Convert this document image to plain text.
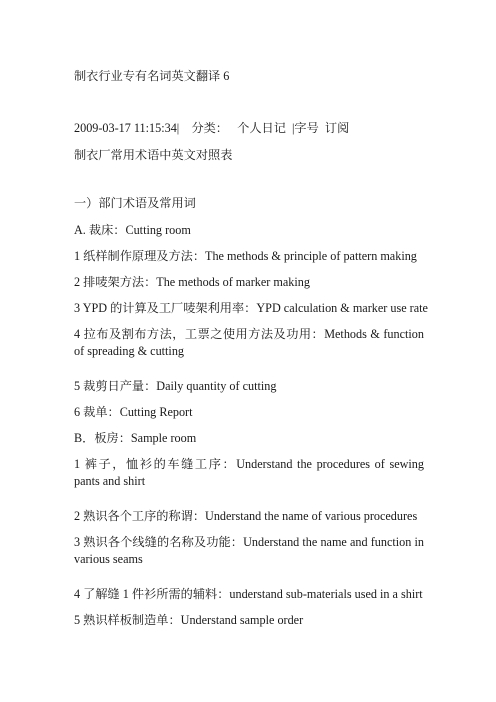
制衣行业专有名词英文翻译 6
2009-03-17 11:15:34| 分类： 个人日记 |字号 订阅
制衣厂常用术语中英文对照表
一）部门术语及常用词
A. 裁床：Cutting room
1 纸样制作原理及方法：The methods & principle of pattern making
2 排唛架方法：The methods of marker making
3 YPD 的计算及工厂唛架利用率：YPD calculation & marker use rate
4 拉布及割布方法，工票之使用方法及功用：Methods & function of spreading & cutting
5 裁剪日产量：Daily quantity of cutting
6 裁单：Cutting Report
B．板房：Sample room
1 裤子，恤衫的车缝工序：Understand the procedures of sewing pants and shirt
2 熟识各个工序的称谓：Understand the name of various procedures
3 熟识各个线缝的名称及功能：Understand the name and function in various seams
4 了解缝 1 件衫所需的辅料：understand sub-materials used in a shirt
5 熟识样板制造单：Understand sample order
